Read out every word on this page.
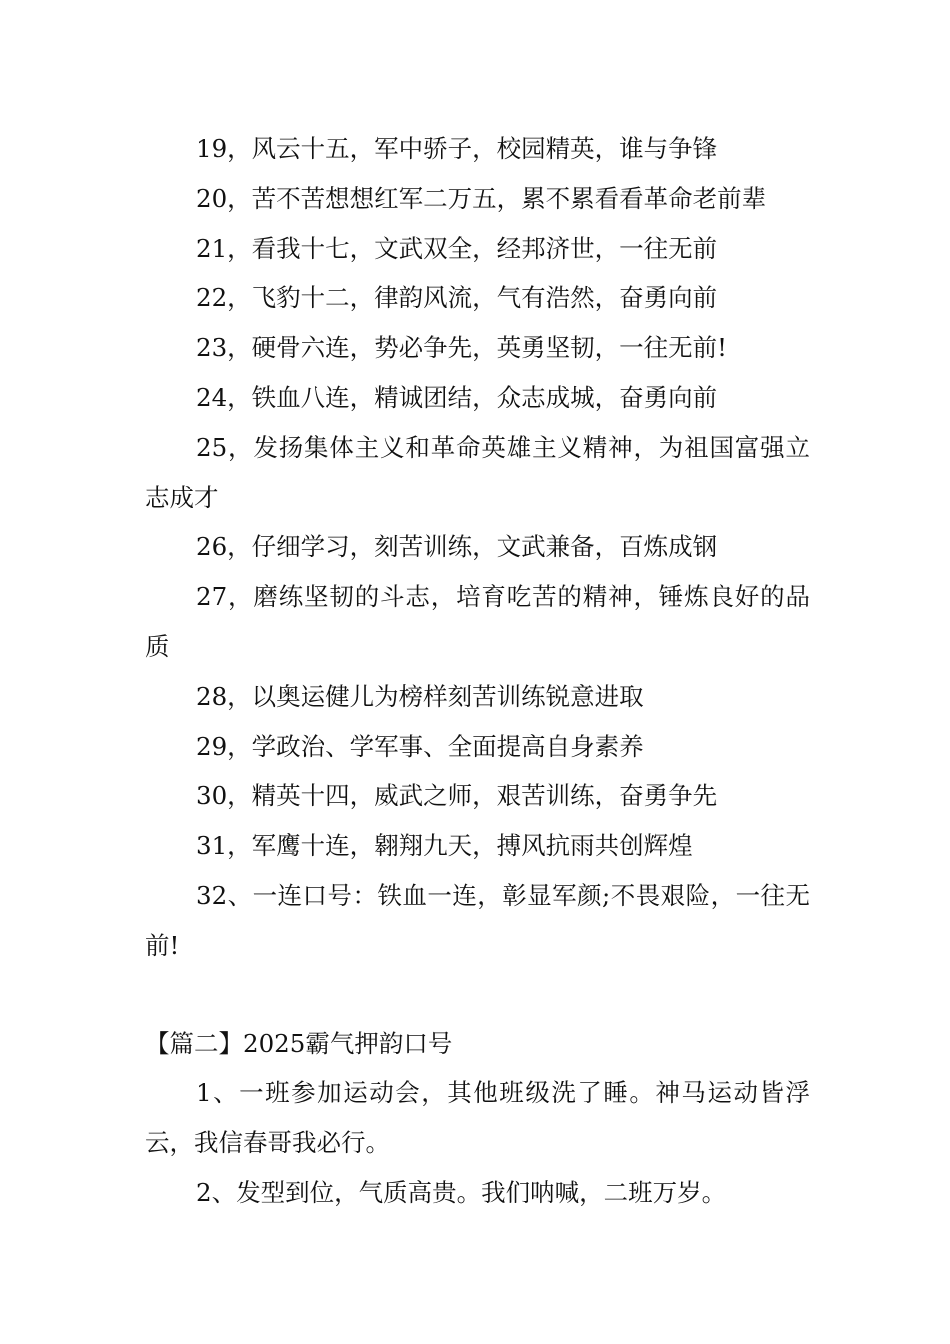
19，风云十五，军中骄子，校园精英，谁与争锋

20，苦不苦想想红军二万五，累不累看看革命老前辈

21，看我十七，文武双全，经邦济世，一往无前

22，飞豹十二，律韵风流，气有浩然，奋勇向前

23，硬骨六连，势必争先，英勇坚韧，一往无前!

24，铁血八连，精诚团结，众志成城，奋勇向前

25，发扬集体主义和革命英雄主义精神，为祖国富强立志成才

26，仔细学习，刻苦训练，文武兼备，百炼成钢

27，磨练坚韧的斗志，培育吃苦的精神，锤炼良好的品质

28，以奥运健儿为榜样刻苦训练锐意进取

29，学政治、学军事、全面提高自身素养

30，精英十四，威武之师，艰苦训练，奋勇争先

31，军鹰十连，翱翔九天，搏风抗雨共创辉煌

32、一连口号：铁血一连，彰显军颜;不畏艰险，一往无前!

【篇二】2025霸气押韵口号

1、一班参加运动会，其他班级洗了睡。神马运动皆浮云，我信春哥我必行。

2、发型到位，气质高贵。我们呐喊，二班万岁。
